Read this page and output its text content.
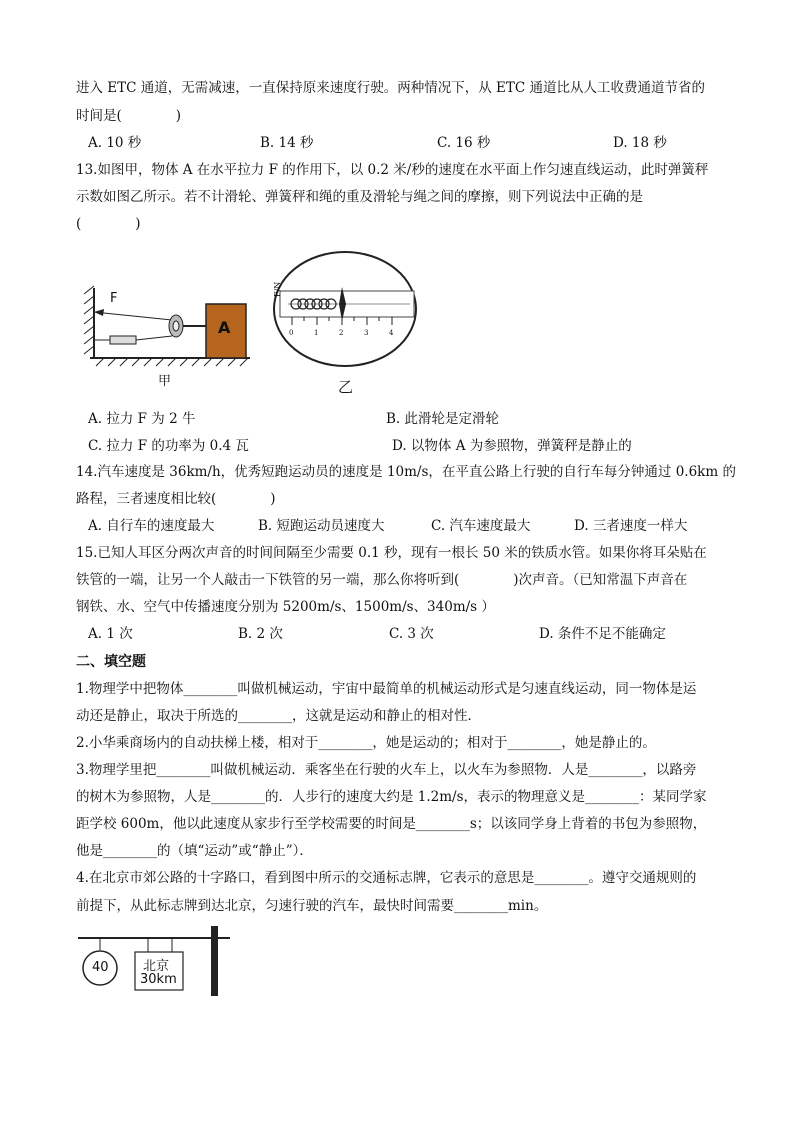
进入 ETC 通道，无需减速，一直保持原来速度行驶。两种情况下，从 ETC 通道比从人工收费通道节省的
时间是(　　　　)
A. 10 秒	B. 14 秒	C. 16 秒	D. 18 秒
13.如图甲，物体 A 在水平拉力 F 的作用下，以 0.2 米/秒的速度在水平面上作匀速直线运动，此时弹簧秤
示数如图乙所示。若不计滑轮、弹簧秤和绳的重及滑轮与绳之间的摩擦，则下列说法中正确的是
(　　　　)
F
A
甲
F/N
0	1	2	3	4
乙
A. 拉力 F 为 2 牛	B. 此滑轮是定滑轮
C. 拉力 F 的功率为 0.4 瓦	D. 以物体 A 为参照物，弹簧秤是静止的
14.汽车速度是 36km/h，优秀短跑运动员的速度是 10m/s，在平直公路上行驶的自行车每分钟通过 0.6km 的
路程，三者速度相比较(　　　　)
A. 自行车的速度最大	B. 短跑运动员速度大	C. 汽车速度最大	D. 三者速度一样大
15.已知人耳区分两次声音的时间间隔至少需要 0.1 秒，现有一根长 50 米的铁质水管。如果你将耳朵贴在
铁管的一端，让另一个人敲击一下铁管的另一端，那么你将听到(　　　　)次声音。（已知常温下声音在
钢铁、水、空气中传播速度分别为 5200m/s、1500m/s、340m/s ）
A. 1 次	B. 2 次	C. 3 次	D. 条件不足不能确定
二、填空题
1.物理学中把物体________叫做机械运动，宇宙中最简单的机械运动形式是匀速直线运动，同一物体是运
动还是静止，取决于所选的________，这就是运动和静止的相对性．
2.小华乘商场内的自动扶梯上楼，相对于________，她是运动的；相对于________，她是静止的。
3.物理学里把________叫做机械运动．乘客坐在行驶的火车上，以火车为参照物．人是________，以路旁
的树木为参照物，人是________的．人步行的速度大约是 1.2m/s，表示的物理意义是________：某同学家
距学校 600m，他以此速度从家步行至学校需要的时间是________s；以该同学身上背着的书包为参照物，
他是________的（填“运动”或“静止”）．
4.在北京市郊公路的十字路口，看到图中所示的交通标志牌，它表示的意思是________。遵守交通规则的
前提下，从此标志牌到达北京，匀速行驶的汽车，最快时间需要________min。
40	北京
30km
